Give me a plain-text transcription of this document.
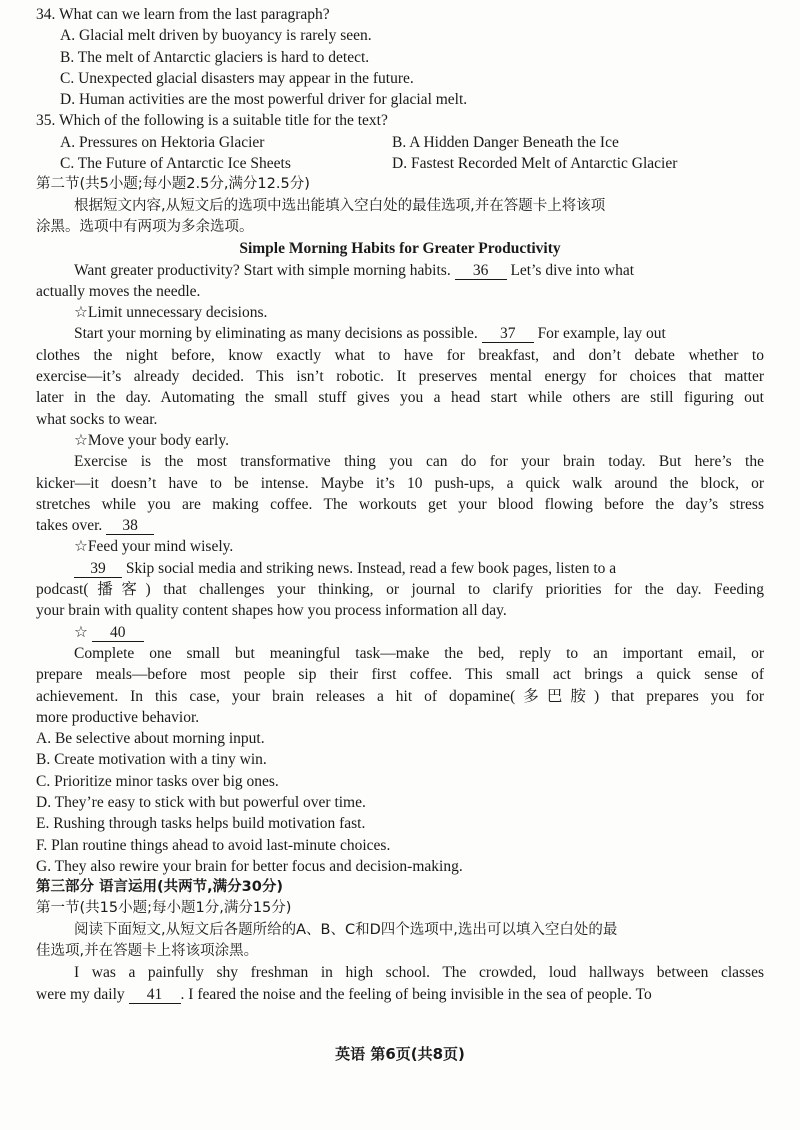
34. What can we learn from the last paragraph?
A. Glacial melt driven by buoyancy is rarely seen.
B. The melt of Antarctic glaciers is hard to detect.
C. Unexpected glacial disasters may appear in the future.
D. Human activities are the most powerful driver for glacial melt.
35. Which of the following is a suitable title for the text?
A. Pressures on Hektoria Glacier	B. A Hidden Danger Beneath the Ice
C. The Future of Antarctic Ice Sheets	D. Fastest Recorded Melt of Antarctic Glacier
第二节(共5小题;每小题2.5分,满分12.5分)
根据短文内容,从短文后的选项中选出能填入空白处的最佳选项,并在答题卡上将该项
涂黑。选项中有两项为多余选项。
Simple Morning Habits for Greater Productivity
Want greater productivity? Start with simple morning habits. 36 Let’s dive into what
actually moves the needle.
☆Limit unnecessary decisions.
Start your morning by eliminating as many decisions as possible. 37 For example, lay out
clothes the night before, know exactly what to have for breakfast, and don’t debate whether to
exercise—it’s already decided. This isn’t robotic. It preserves mental energy for choices that matter
later in the day. Automating the small stuff gives you a head start while others are still figuring out
what socks to wear.
☆Move your body early.
Exercise is the most transformative thing you can do for your brain today. But here’s the
kicker—it doesn’t have to be intense. Maybe it’s 10 push-ups, a quick walk around the block, or
stretches while you are making coffee. The workouts get your blood flowing before the day’s stress
takes over. 38
☆Feed your mind wisely.
39 Skip social media and striking news. Instead, read a few book pages, listen to a
podcast(播客) that challenges your thinking, or journal to clarify priorities for the day. Feeding
your brain with quality content shapes how you process information all day.
☆ 40
Complete one small but meaningful task—make the bed, reply to an important email, or
prepare meals—before most people sip their first coffee. This small act brings a quick sense of
achievement. In this case, your brain releases a hit of dopamine(多巴胺) that prepares you for
more productive behavior.
A. Be selective about morning input.
B. Create motivation with a tiny win.
C. Prioritize minor tasks over big ones.
D. They’re easy to stick with but powerful over time.
E. Rushing through tasks helps build motivation fast.
F. Plan routine things ahead to avoid last-minute choices.
G. They also rewire your brain for better focus and decision-making.
第三部分 语言运用(共两节,满分30分)
第一节(共15小题;每小题1分,满分15分)
阅读下面短文,从短文后各题所给的A、B、C和D四个选项中,选出可以填入空白处的最
佳选项,并在答题卡上将该项涂黑。
I was a painfully shy freshman in high school. The crowded, loud hallways between classes
were my daily 41 . I feared the noise and the feeling of being invisible in the sea of people. To
英语 第6页(共8页)
